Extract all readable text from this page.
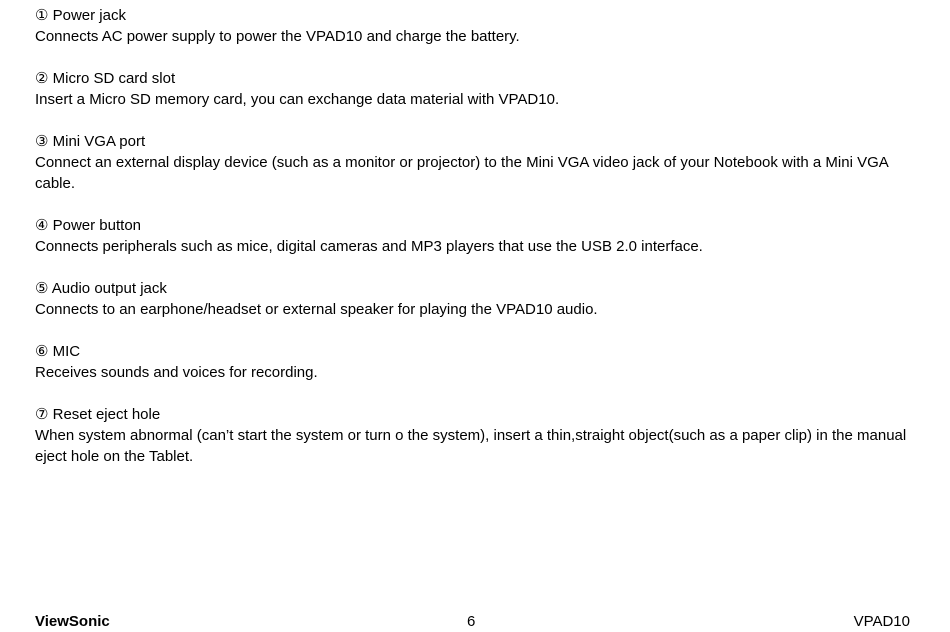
① Power jack
Connects AC power supply to power the VPAD10 and charge the battery.
② Micro SD card slot
Insert a Micro SD memory card, you can exchange data material with VPAD10.
③ Mini VGA port
Connect an external display device (such as a monitor or projector) to the Mini VGA video jack of your Notebook with a Mini VGA cable.
④ Power button
Connects peripherals such as mice, digital cameras and MP3 players that use the USB 2.0 interface.
⑤ Audio output jack
Connects to an earphone/headset or external speaker for playing the VPAD10 audio.
⑥ MIC
Receives sounds and voices for recording.
⑦ Reset eject hole
When system abnormal (can’t start the system or turn o the system), insert a thin,straight object(such as a paper clip) in the manual eject hole on the Tablet.
ViewSonic	6	VPAD10
